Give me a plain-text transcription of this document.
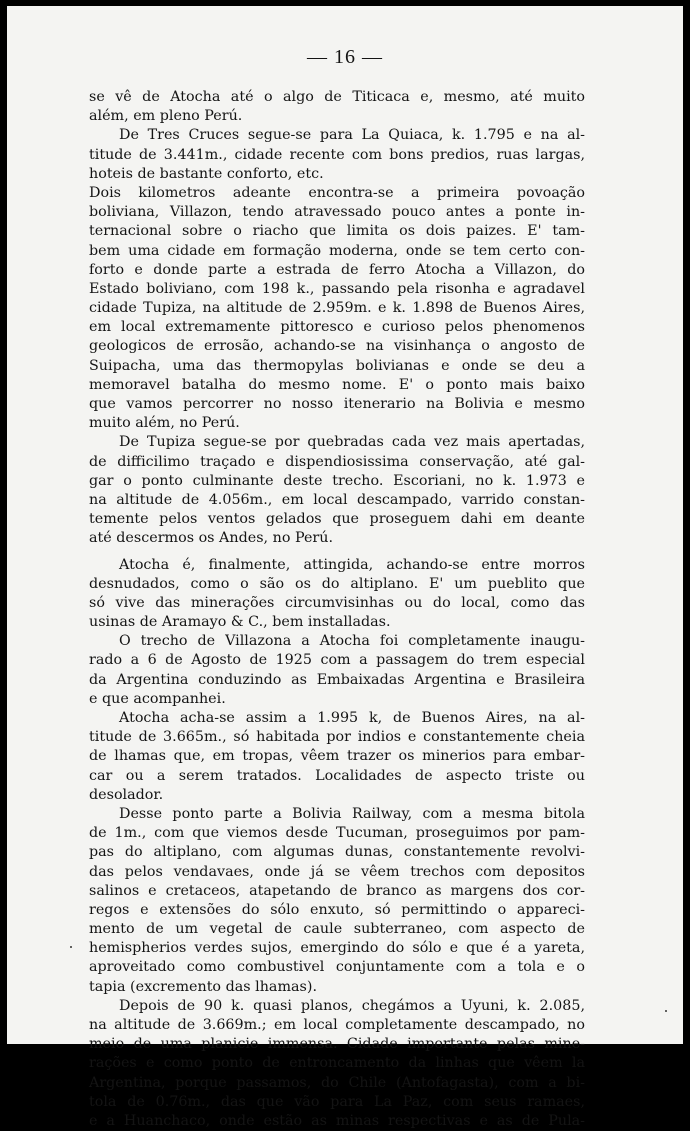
— 16 —
se vê de Atocha até o algo de Titicaca e, mesmo, até muito
além, em pleno Perú.
De Tres Cruces segue-se para La Quiaca, k. 1.795 e na al-
titude de 3.441m., cidade recente com bons predios, ruas largas,
hoteis de bastante conforto, etc.
Dois kilometros adeante encontra-se a primeira povoação
boliviana, Villazon, tendo atravessado pouco antes a ponte in-
ternacional sobre o riacho que limita os dois paizes. E' tam-
bem uma cidade em formação moderna, onde se tem certo con-
forto e donde parte a estrada de ferro Atocha a Villazon, do
Estado boliviano, com 198 k., passando pela risonha e agradavel
cidade Tupiza, na altitude de 2.959m. e k. 1.898 de Buenos Aires,
em local extremamente pittoresco e curioso pelos phenomenos
geologicos de errosão, achando-se na visinhança o angosto de
Suipacha, uma das thermopylas bolivianas e onde se deu a
memoravel batalha do mesmo nome. E' o ponto mais baixo
que vamos percorrer no nosso itenerario na Bolivia e mesmo
muito além, no Perú.
De Tupiza segue-se por quebradas cada vez mais apertadas,
de difficilimo traçado e dispendiosissima conservação, até gal-
gar o ponto culminante deste trecho. Escoriani, no k. 1.973 e
na altitude de 4.056m., em local descampado, varrido constan-
temente pelos ventos gelados que proseguem dahi em deante
até descermos os Andes, no Perú.
Atocha é, finalmente, attingida, achando-se entre morros
desnudados, como o são os do altiplano. E' um pueblito que
só vive das minerações circumvisinhas ou do local, como das
usinas de Aramayo & C., bem installadas.
O trecho de Villazona a Atocha foi completamente inaugu-
rado a 6 de Agosto de 1925 com a passagem do trem especial
da Argentina conduzindo as Embaixadas Argentina e Brasileira
e que acompanhei.
Atocha acha-se assim a 1.995 k, de Buenos Aires, na al-
titude de 3.665m., só habitada por indios e constantemente cheia
de lhamas que, em tropas, vêem trazer os minerios para embar-
car ou a serem tratados. Localidades de aspecto triste ou
desolador.
Desse ponto parte a Bolivia Railway, com a mesma bitola
de 1m., com que viemos desde Tucuman, proseguimos por pam-
pas do altiplano, com algumas dunas, constantemente revolvi-
das pelos vendavaes, onde já se vêem trechos com depositos
salinos e cretaceos, atapetando de branco as margens dos cor-
regos e extensões do sólo enxuto, só permittindo o appareci-
mento de um vegetal de caule subterraneo, com aspecto de
hemispherios verdes sujos, emergindo do sólo e que é a yareta,
aproveitado como combustivel conjuntamente com a tola e o
tapia (excremento das lhamas).
Depois de 90 k. quasi planos, chegámos a Uyuni, k. 2.085,
na altitude de 3.669m.; em local completamente descampado, no
meio de uma planicie immensa. Cidade importante pelas mine-
rações e como ponto de entroncamento da linhas que vêem la
Argentina, porque passamos, do Chile (Antofagasta), com a bi-
tola de 0.76m., das que vão para La Paz, com seus ramaes,
e a Huanchaco, onde estão as minas respectivas e as de Pula-
